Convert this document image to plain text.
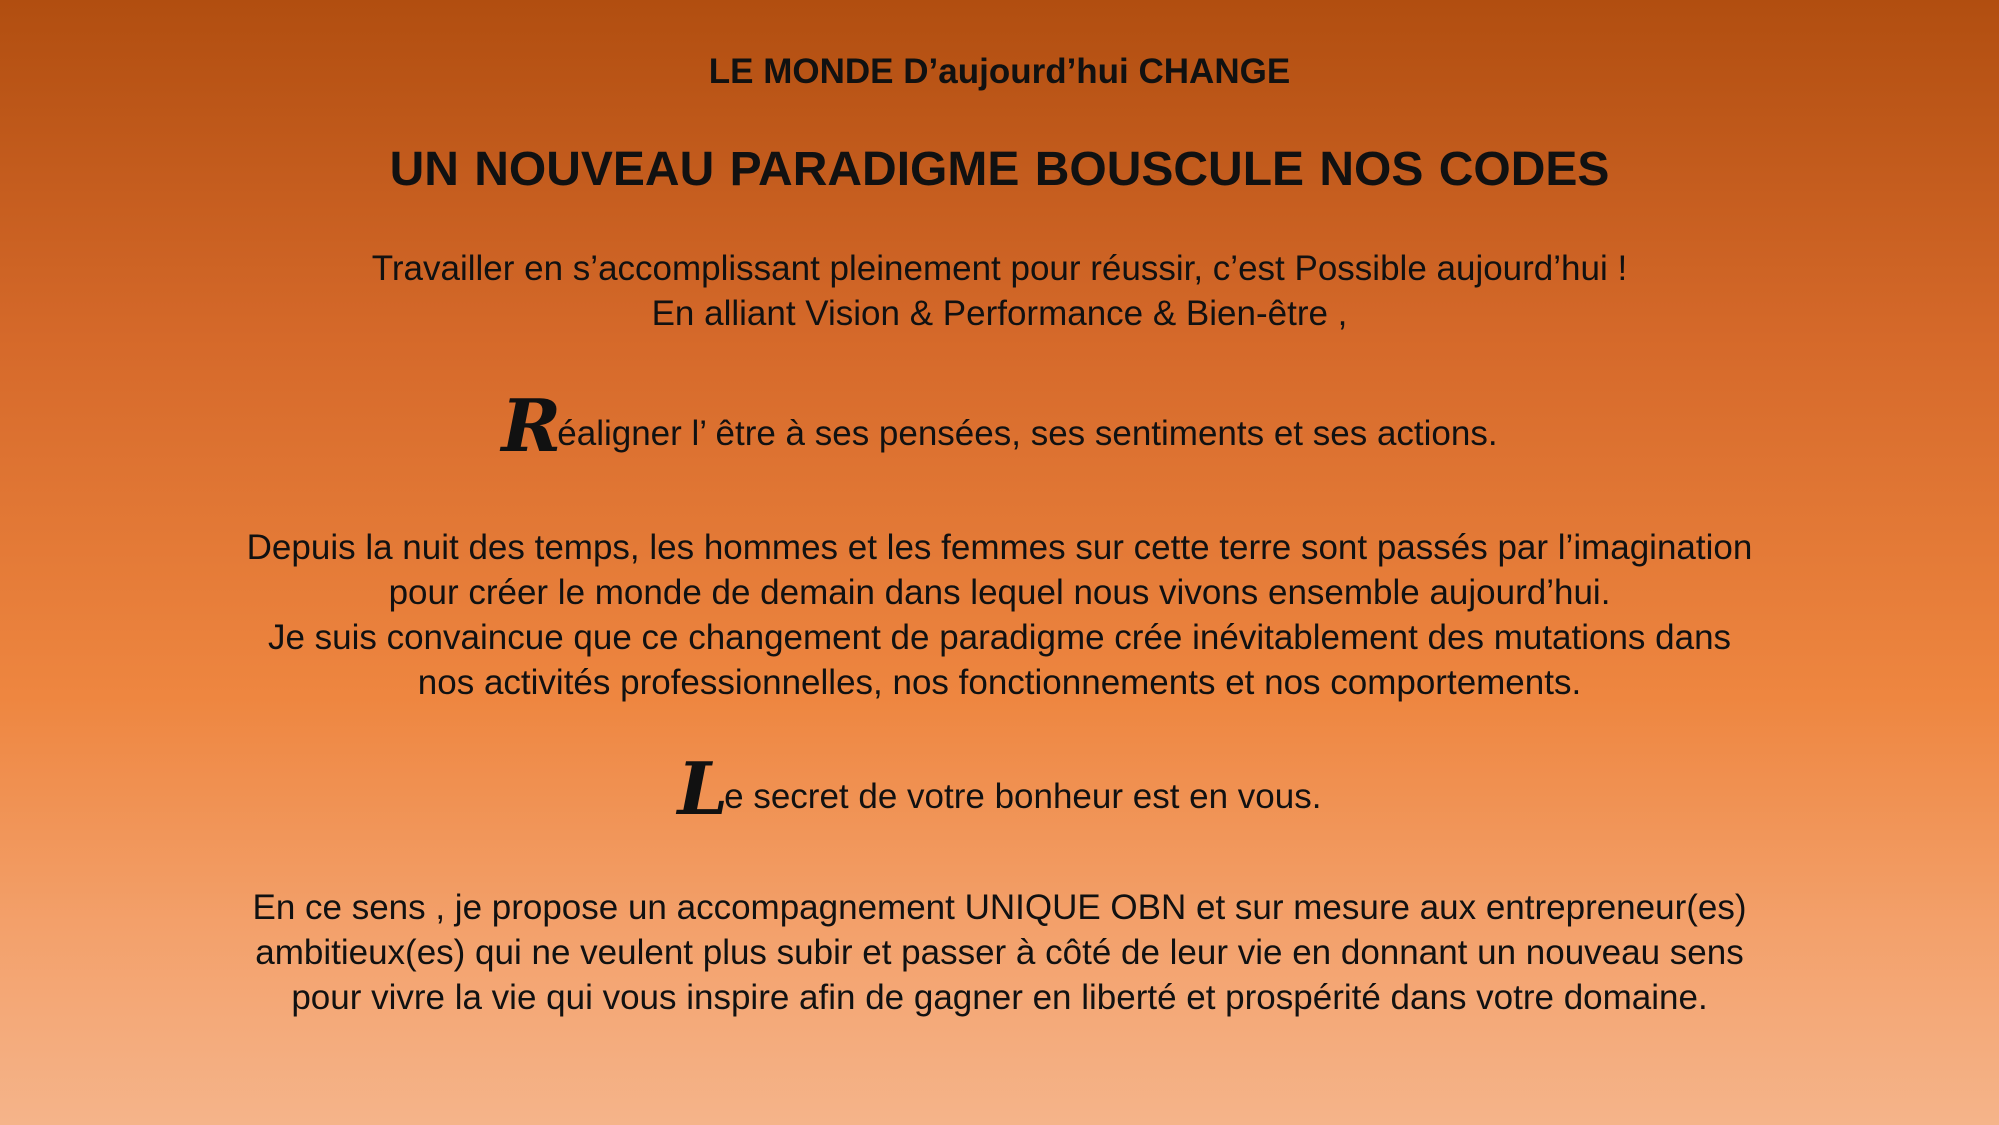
LE MONDE D’aujourd’hui CHANGE
UN NOUVEAU PARADIGME BOUSCULE NOS CODES
Travailler en s’accomplissant pleinement pour réussir, c’est Possible aujourd’hui !
En alliant Vision & Performance & Bien-être ,
Réaligner l’ être à ses pensées, ses sentiments et ses actions.
Depuis la nuit des temps, les hommes et les femmes sur cette terre sont passés par l’imagination
pour créer le monde de demain dans lequel nous vivons ensemble aujourd’hui.
Je suis convaincue que ce changement de paradigme crée inévitablement des mutations dans
nos activités professionnelles, nos fonctionnements et nos comportements.
Le secret de votre bonheur est en vous.
En ce sens , je propose un accompagnement UNIQUE OBN et sur mesure aux entrepreneur(es)
ambitieux(es) qui ne veulent plus subir et passer à côté de leur vie en donnant un nouveau sens
pour vivre la vie qui vous inspire afin de gagner en liberté et prospérité dans votre domaine.
